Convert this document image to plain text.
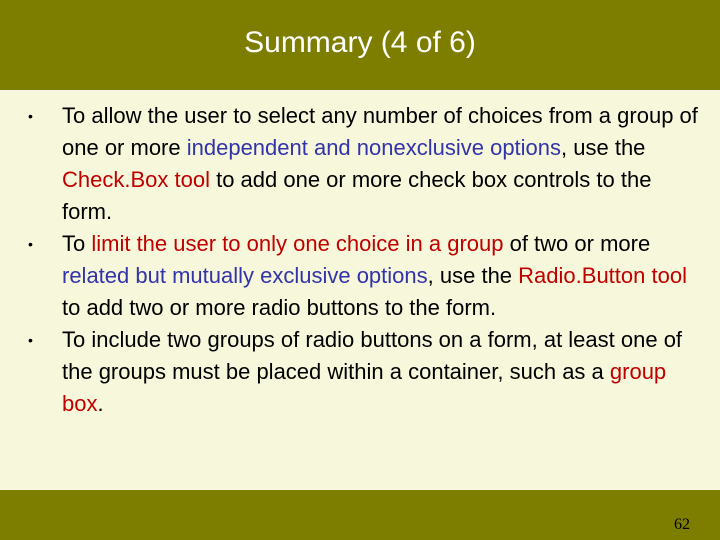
Summary (4 of 6)
• To allow the user to select any number of choices from a group of one or more independent and nonexclusive options, use the Check.Box tool to add one or more check box controls to the form.
• To limit the user to only one choice in a group of two or more related but mutually exclusive options, use the Radio.Button tool to add two or more radio buttons to the form.
• To include two groups of radio buttons on a form, at least one of the groups must be placed within a container, such as a group box.
62
